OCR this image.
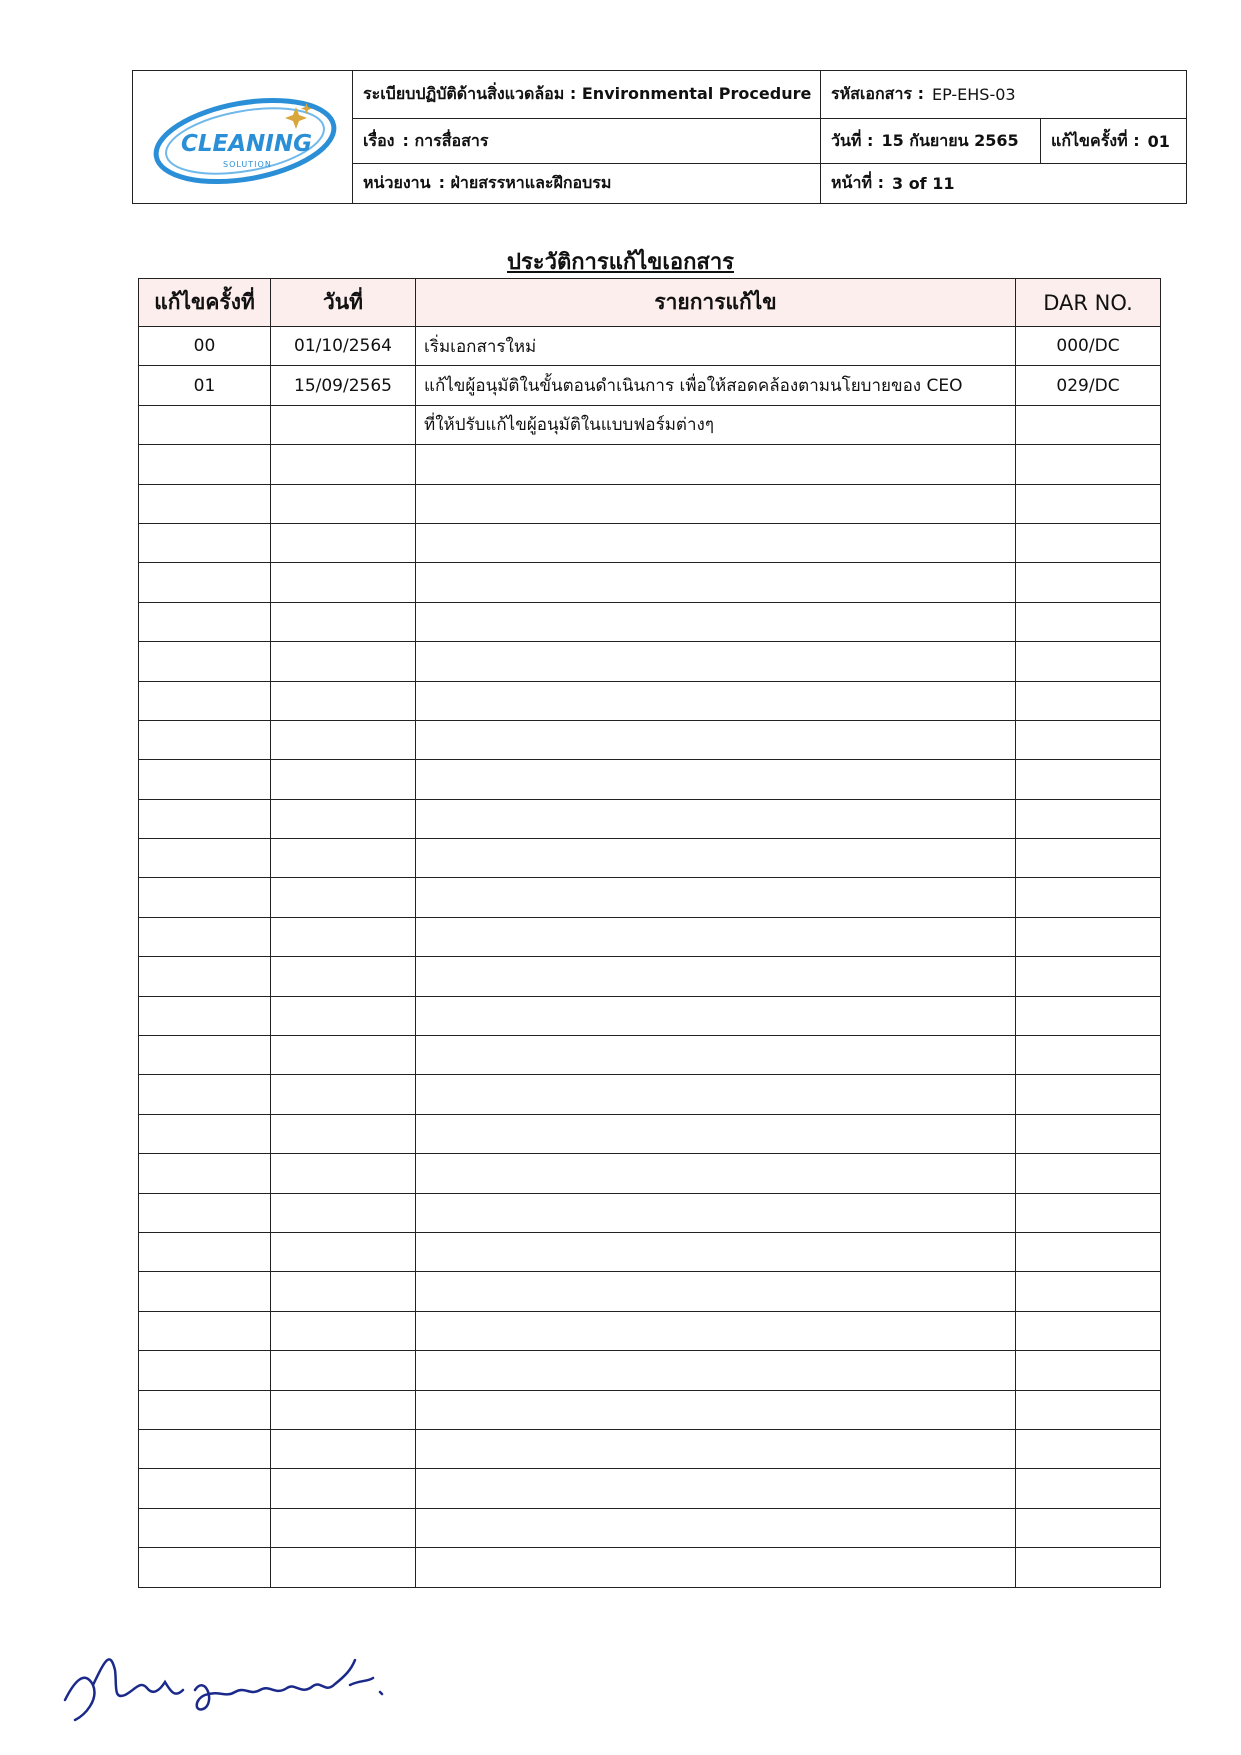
CLEANING
SOLUTION
ระเบียบปฏิบัติด้านสิ่งแวดล้อม : Environmental Procedure รหัสเอกสาร : EP-EHS-03
เรื่อง : การสื่อสาร	วันที่ : 15 กันยายน 2565 แก้ไขครั้งที่ : 01
หน่วยงาน : ฝ่ายสรรหาและฝึกอบรม	หน้าที่ : 3 of 11
ประวัติการแก้ไขเอกสาร
แก้ไขครั้งที่	วันที่	รายการแก้ไข	DAR NO.
00	01/10/2564	เริ่มเอกสารใหม่	000/DC
01	15/09/2565	แก้ไขผู้อนุมัติในขั้นตอนดำเนินการ เพื่อให้สอดคล้องตามนโยบายของ CEO	029/DC
		ที่ให้ปรับแก้ไขผู้อนุมัติในแบบฟอร์มต่างๆ	
